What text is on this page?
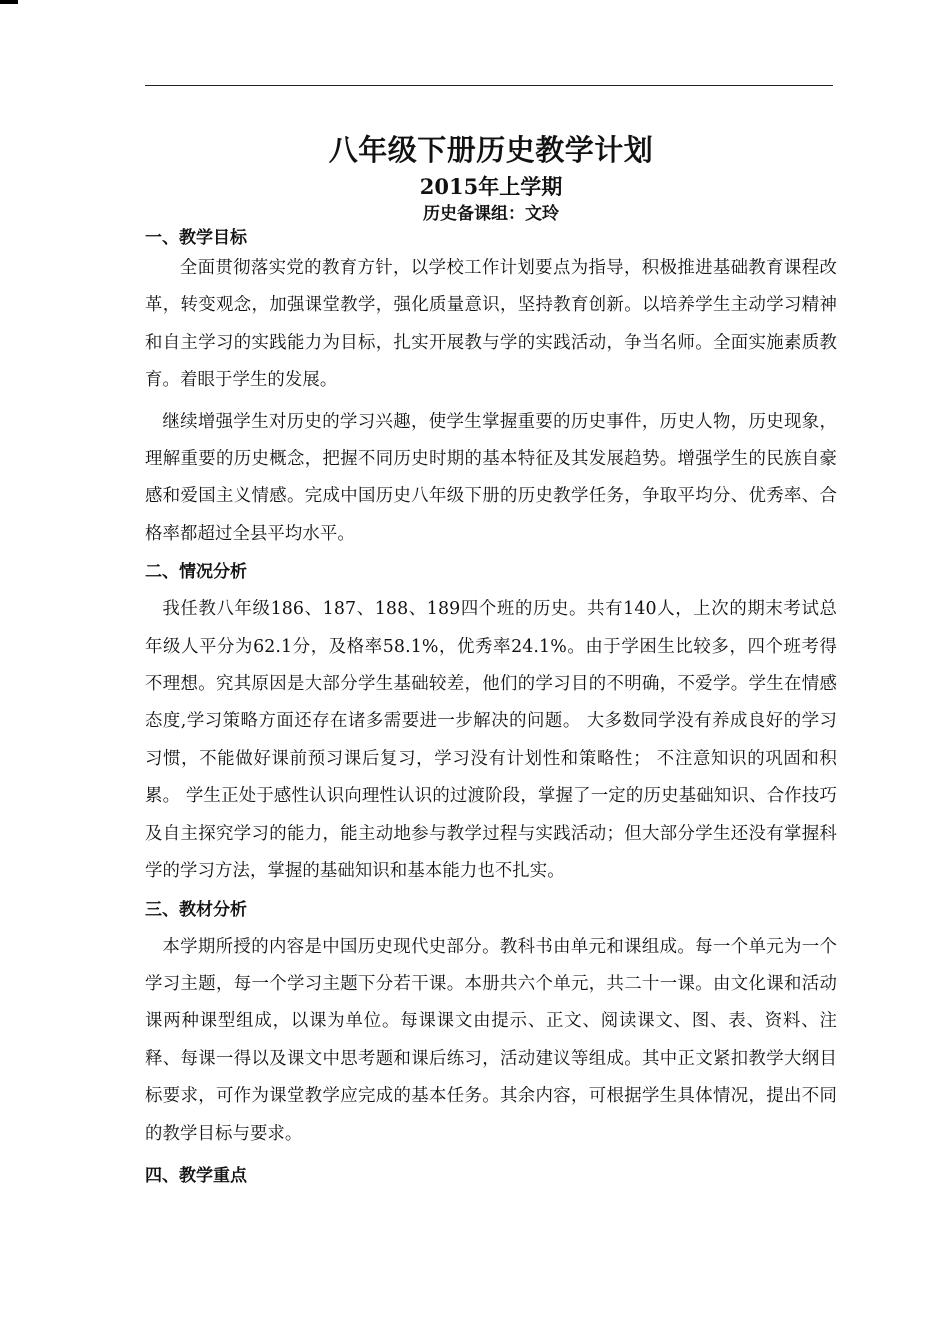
八年级下册历史教学计划
2015年上学期
历史备课组：文玲
一、教学目标

全面贯彻落实党的教育方针，以学校工作计划要点为指导，积极推进基础教育课程改革，转变观念，加强课堂教学，强化质量意识，坚持教育创新。以培养学生主动学习精神和自主学习的实践能力为目标，扎实开展教与学的实践活动，争当名师。全面实施素质教育。着眼于学生的发展。

继续增强学生对历史的学习兴趣，使学生掌握重要的历史事件，历史人物，历史现象，理解重要的历史概念，把握不同历史时期的基本特征及其发展趋势。增强学生的民族自豪感和爱国主义情感。完成中国历史八年级下册的历史教学任务，争取平均分、优秀率、合 格率都超过全县平均水平。

二、情况分析

我任教八年级186、187、188、189四个班的历史。共有140人，上次的期末考试总年级人平分为62.1分，及格率58.1%，优秀率24.1%。由于学困生比较多，四个班考得不理想。究其原因是大部分学生基础较差，他们的学习目的不明确，不爱学。学生在情感态度,学习策略方面还存在诸多需要进一步解决的问题。 大多数同学没有养成良好的学习习惯，不能做好课前预习课后复习，学习没有计划性和策略性； 不注意知识的巩固和积累。 学生正处于感性认识向理性认识的过渡阶段，掌握了一定的历史基础知识、合作技巧及自主探究学习的能力，能主动地参与教学过程与实践活动；但大部分学生还没有掌握科学的学习方法，掌握的基础知识和基本能力也不扎实。

三、教材分析

本学期所授的内容是中国历史现代史部分。教科书由单元和课组成。每一个单元为一个学习主题，每一个学习主题下分若干课。本册共六个单元，共二十一课。由文化课和活动课两种课型组成，以课为单位。每课课文由提示、正文、阅读课文、图、表、资料、注释、每课一得以及课文中思考题和课后练习，活动建议等组成。其中正文紧扣教学大纲目标要求，可作为课堂教学应完成的基本任务。其余内容，可根据学生具体情况，提出不同的教学目标与要求。

四、教学重点
